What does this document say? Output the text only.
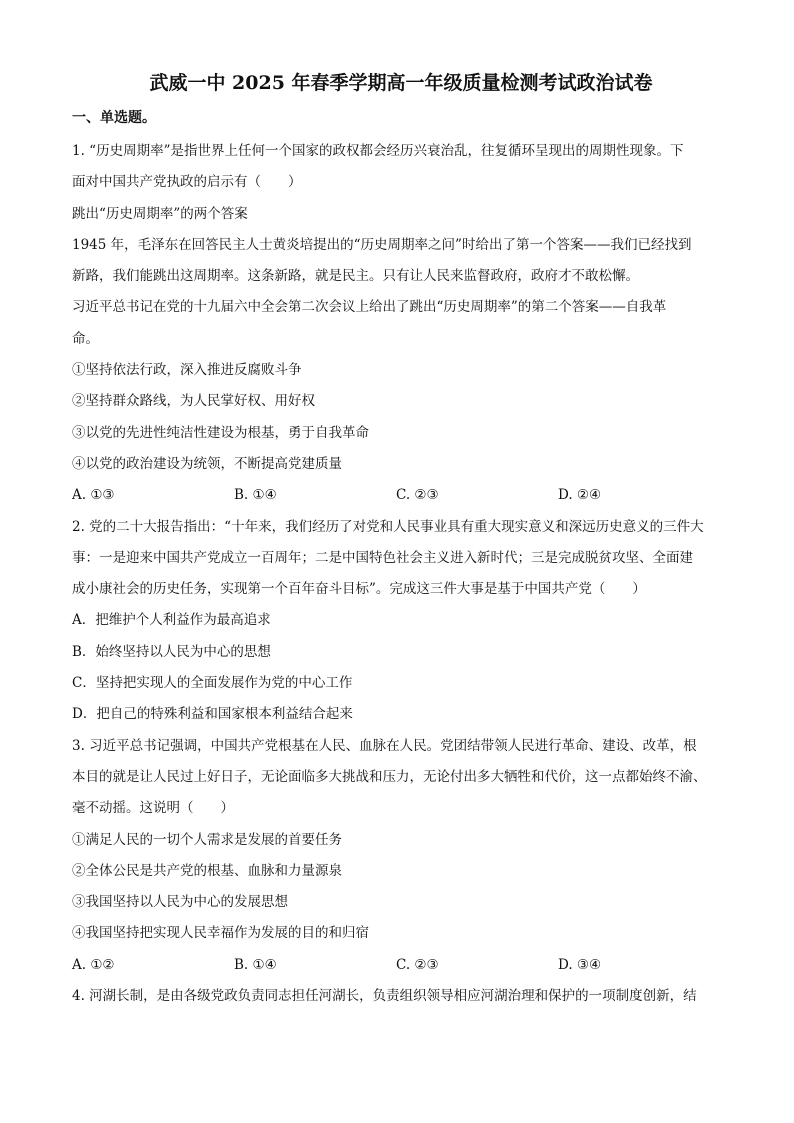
武威一中 2025 年春季学期高一年级质量检测考试政治试卷
一、单选题。

1. “历史周期率”是指世界上任何一个国家的政权都会经历兴衰治乱，往复循环呈现出的周期性现象。下

面对中国共产党执政的启示有（　　）

跳出“历史周期率”的两个答案

1945 年，毛泽东在回答民主人士黄炎培提出的“历史周期率之问”时给出了第一个答案——我们已经找到

新路，我们能跳出这周期率。这条新路，就是民主。只有让人民来监督政府，政府才不敢松懈。

习近平总书记在党的十九届六中全会第二次会议上给出了跳出“历史周期率”的第二个答案——自我革

命。

①坚持依法行政，深入推进反腐败斗争

②坚持群众路线，为人民掌好权、用好权

③以党的先进性纯洁性建设为根基，勇于自我革命

④以党的政治建设为统领，不断提高党建质量

A. ①③	B. ①④	C. ②③	D. ②④

2. 党的二十大报告指出：“十年来，我们经历了对党和人民事业具有重大现实意义和深远历史意义的三件大

事：一是迎来中国共产党成立一百周年；二是中国特色社会主义进入新时代；三是完成脱贫攻坚、全面建

成小康社会的历史任务，实现第一个百年奋斗目标”。完成这三件大事是基于中国共产党（　　）

A．把维护个人利益作为最高追求

B．始终坚持以人民为中心的思想

C．坚持把实现人的全面发展作为党的中心工作

D．把自己的特殊利益和国家根本利益结合起来

3. 习近平总书记强调，中国共产党根基在人民、血脉在人民。党团结带领人民进行革命、建设、改革，根

本目的就是让人民过上好日子，无论面临多大挑战和压力，无论付出多大牺牲和代价，这一点都始终不渝、

毫不动摇。这说明（　　）

①满足人民的一切个人需求是发展的首要任务

②全体公民是共产党的根基、血脉和力量源泉

③我国坚持以人民为中心的发展思想

④我国坚持把实现人民幸福作为发展的目的和归宿

A. ①②	B. ①④	C. ②③	D. ③④

4. 河湖长制，是由各级党政负责同志担任河湖长，负责组织领导相应河湖治理和保护的一项制度创新，结
